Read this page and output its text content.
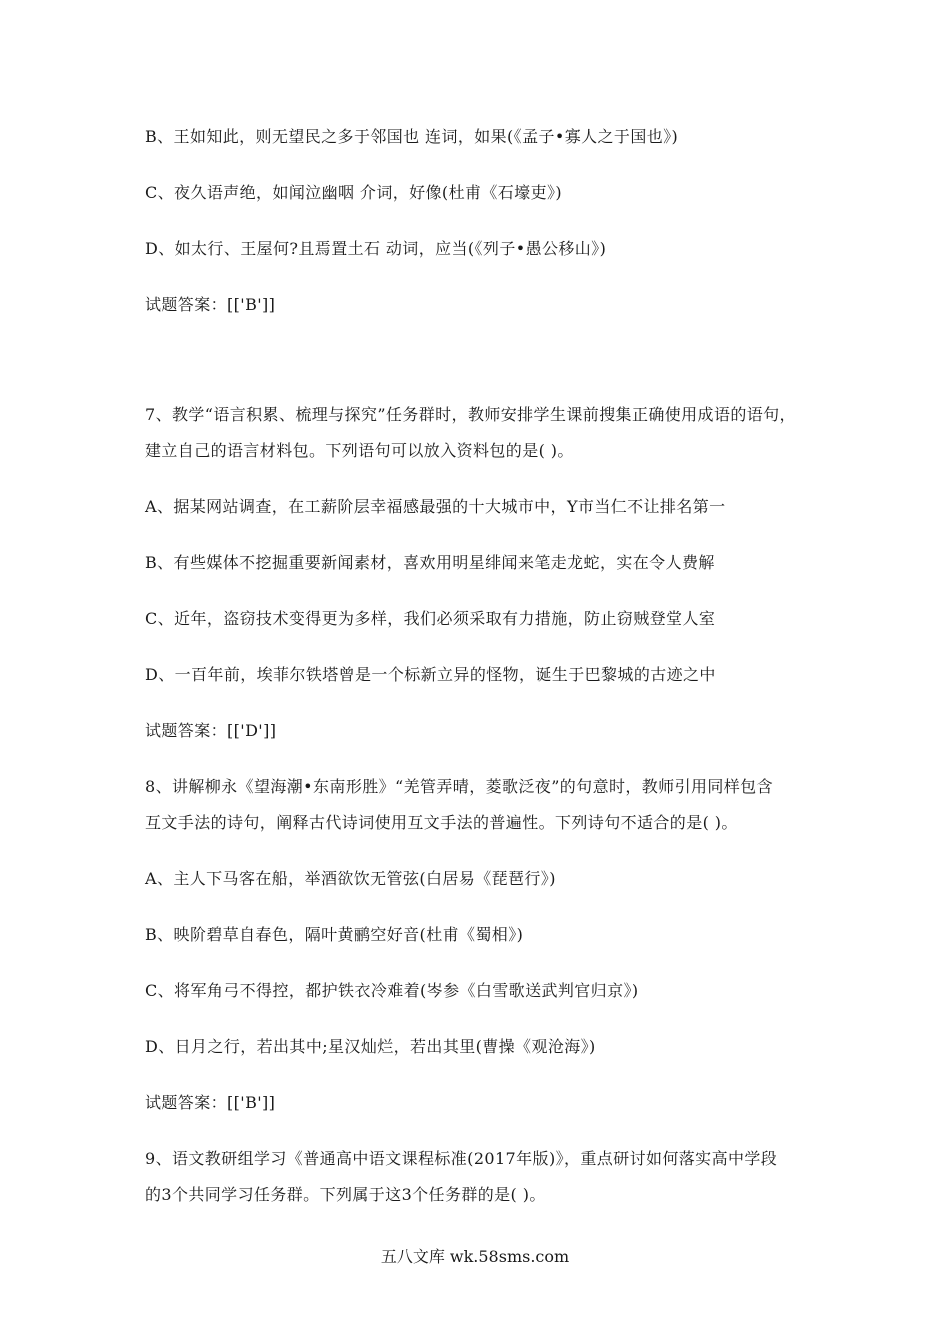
B、王如知此，则无望民之多于邻国也 连词，如果(《孟子•寡人之于国也》)
C、夜久语声绝，如闻泣幽咽 介词，好像(杜甫《石壕吏》)
D、如太行、王屋何?且焉置土石 动词，应当(《列子•愚公移山》)
试题答案：[['B']]
7、教学“语言积累、梳理与探究”任务群时，教师安排学生课前搜集正确使用成语的语句，
建立自己的语言材料包。下列语句可以放入资料包的是( )。
A、据某网站调查，在工薪阶层幸福感最强的十大城市中，Y市当仁不让排名第一
B、有些媒体不挖掘重要新闻素材，喜欢用明星绯闻来笔走龙蛇，实在令人费解
C、近年，盗窃技术变得更为多样，我们必须采取有力措施，防止窃贼登堂人室
D、一百年前，埃菲尔铁塔曾是一个标新立异的怪物，诞生于巴黎城的古迹之中
试题答案：[['D']]
8、讲解柳永《望海潮•东南形胜》“羌管弄晴，菱歌泛夜”的句意时，教师引用同样包含
互文手法的诗句，阐释古代诗词使用互文手法的普遍性。下列诗句不适合的是( )。
A、主人下马客在船，举酒欲饮无管弦(白居易《琵琶行》)
B、映阶碧草自春色，隔叶黄鹂空好音(杜甫《蜀相》)
C、将军角弓不得控，都护铁衣冷难着(岑参《白雪歌送武判官归京》)
D、日月之行，若出其中;星汉灿烂，若出其里(曹操《观沧海》)
试题答案：[['B']]
9、语文教研组学习《普通高中语文课程标准(2017年版)》，重点研讨如何落实高中学段
的3个共同学习任务群。下列属于这3个任务群的是( )。
五八文库 wk.58sms.com
